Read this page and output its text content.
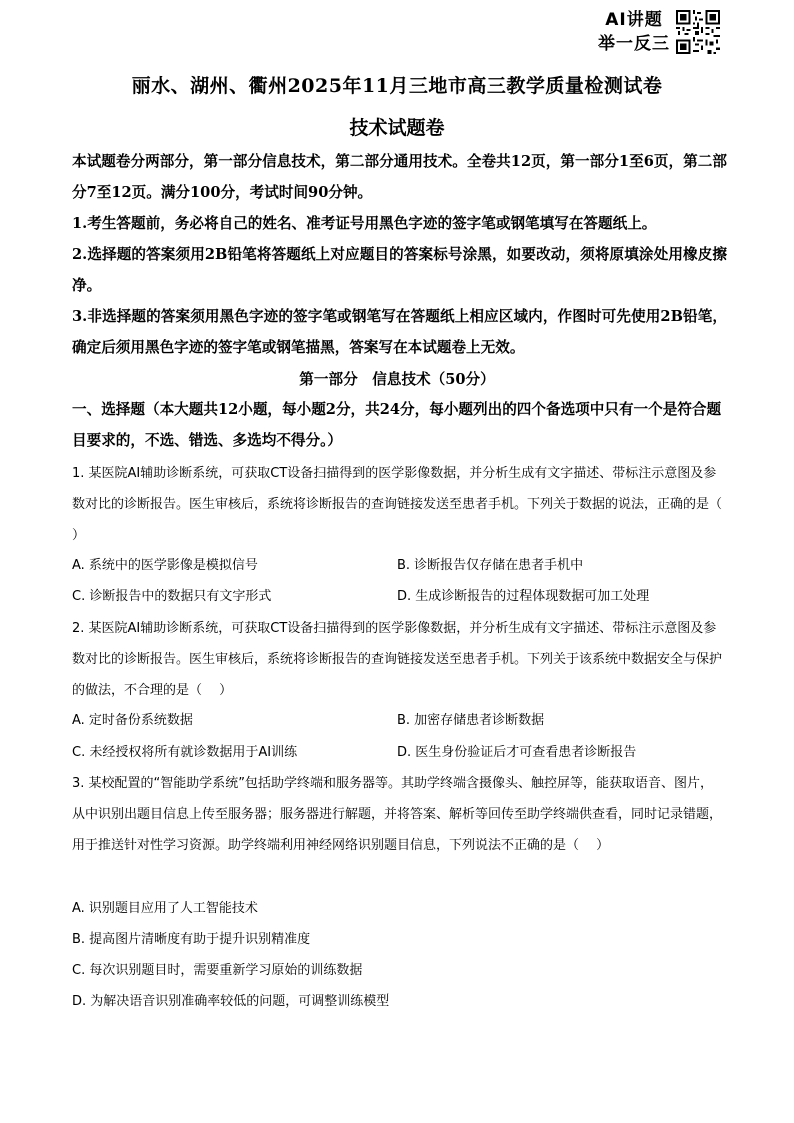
AI讲题
举一反三
丽水、湖州、衢州2025年11月三地市高三教学质量检测试卷
技术试题卷
本试题卷分两部分，第一部分信息技术，第二部分通用技术。全卷共12页，第一部分1至6页，第二部分7至12页。满分100分，考试时间90分钟。
1.考生答题前，务必将自己的姓名、准考证号用黑色字迹的签字笔或钢笔填写在答题纸上。
2.选择题的答案须用2B铅笔将答题纸上对应题目的答案标号涂黑，如要改动，须将原填涂处用橡皮擦净。
3.非选择题的答案须用黑色字迹的签字笔或钢笔写在答题纸上相应区域内，作图时可先使用2B铅笔，确定后须用黑色字迹的签字笔或钢笔描黑，答案写在本试题卷上无效。
第一部分　信息技术（50分）
一、选择题（本大题共12小题，每小题2分，共24分，每小题列出的四个备选项中只有一个是符合题目要求的，不选、错选、多选均不得分。）
1. 某医院AI辅助诊断系统，可获取CT设备扫描得到的医学影像数据，并分析生成有文字描述、带标注示意图及参数对比的诊断报告。医生审核后，系统将诊断报告的查询链接发送至患者手机。下列关于数据的说法，正确的是（　 ）
A. 系统中的医学影像是模拟信号	B. 诊断报告仅存储在患者手机中
C. 诊断报告中的数据只有文字形式	D. 生成诊断报告的过程体现数据可加工处理
2. 某医院AI辅助诊断系统，可获取CT设备扫描得到的医学影像数据，并分析生成有文字描述、带标注示意图及参数对比的诊断报告。医生审核后，系统将诊断报告的查询链接发送至患者手机。下列关于该系统中数据安全与保护的做法，不合理的是（　 ）
A. 定时备份系统数据	B. 加密存储患者诊断数据
C. 未经授权将所有就诊数据用于AI训练	D. 医生身份验证后才可查看患者诊断报告
3. 某校配置的“智能助学系统”包括助学终端和服务器等。其助学终端含摄像头、触控屏等，能获取语音、图片，从中识别出题目信息上传至服务器；服务器进行解题，并将答案、解析等回传至助学终端供查看，同时记录错题，用于推送针对性学习资源。助学终端利用神经网络识别题目信息，下列说法不正确的是（　 ）
A. 识别题目应用了人工智能技术
B. 提高图片清晰度有助于提升识别精准度
C. 每次识别题目时，需要重新学习原始的训练数据
D. 为解决语音识别准确率较低的问题，可调整训练模型
